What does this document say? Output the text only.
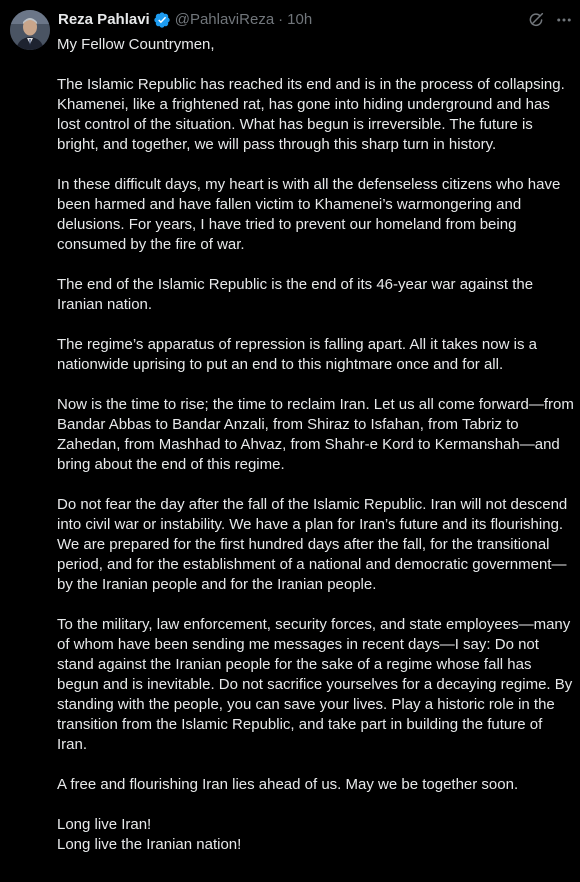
Reza Pahlavi @PahlaviReza · 10h

My Fellow Countrymen,

The Islamic Republic has reached its end and is in the process of collapsing. Khamenei, like a frightened rat, has gone into hiding underground and has lost control of the situation. What has begun is irreversible. The future is bright, and together, we will pass through this sharp turn in history.

In these difficult days, my heart is with all the defenseless citizens who have been harmed and have fallen victim to Khamenei’s warmongering and delusions. For years, I have tried to prevent our homeland from being consumed by the fire of war.

The end of the Islamic Republic is the end of its 46-year war against the Iranian nation.

The regime’s apparatus of repression is falling apart. All it takes now is a nationwide uprising to put an end to this nightmare once and for all.

Now is the time to rise; the time to reclaim Iran. Let us all come forward—from Bandar Abbas to Bandar Anzali, from Shiraz to Isfahan, from Tabriz to Zahedan, from Mashhad to Ahvaz, from Shahr-e Kord to Kermanshah—and bring about the end of this regime.

Do not fear the day after the fall of the Islamic Republic. Iran will not descend into civil war or instability. We have a plan for Iran’s future and its flourishing. We are prepared for the first hundred days after the fall, for the transitional period, and for the establishment of a national and democratic government—by the Iranian people and for the Iranian people.

To the military, law enforcement, security forces, and state employees—many of whom have been sending me messages in recent days—I say: Do not stand against the Iranian people for the sake of a regime whose fall has begun and is inevitable. Do not sacrifice yourselves for a decaying regime. By standing with the people, you can save your lives. Play a historic role in the transition from the Islamic Republic, and take part in building the future of Iran.

A free and flourishing Iran lies ahead of us. May we be together soon.

Long live Iran!
Long live the Iranian nation!
